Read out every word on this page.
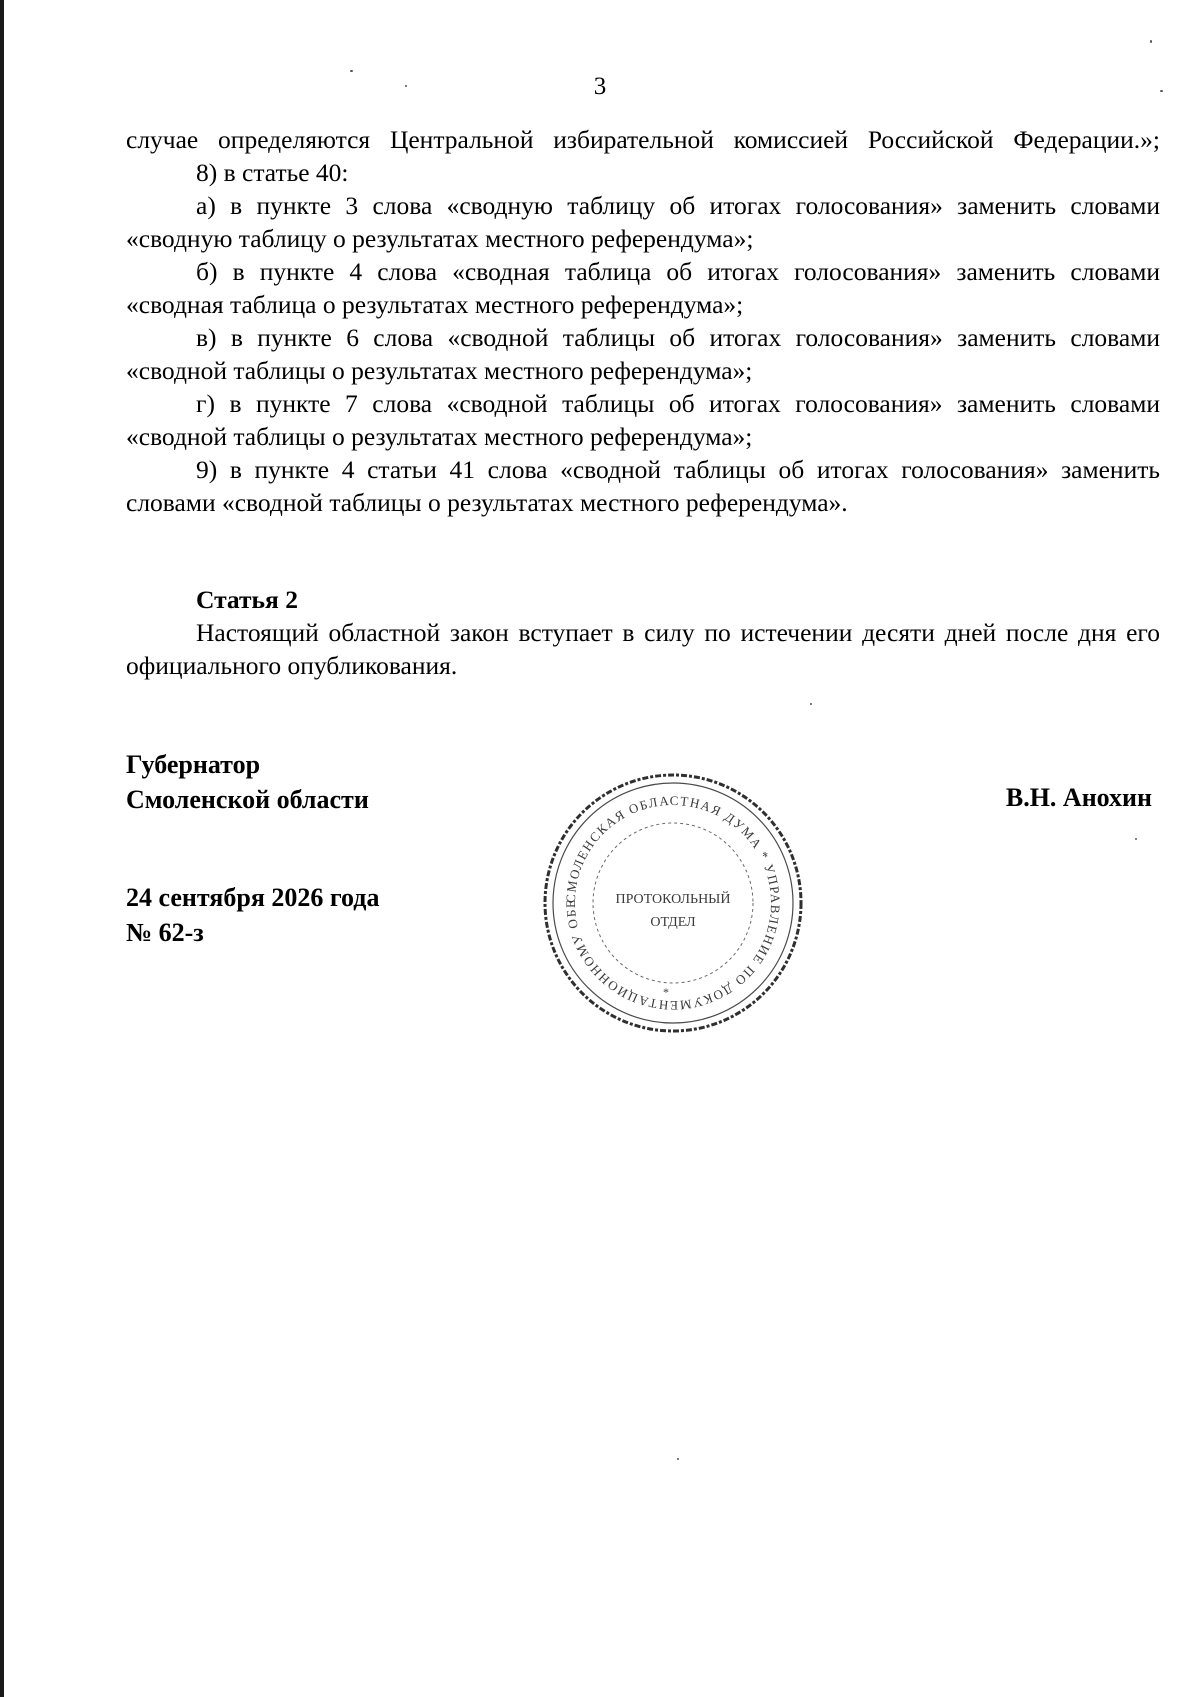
3

случае определяются Центральной избирательной комиссией Российской Федерации.»;

8) в статье 40:

а) в пункте 3 слова «сводную таблицу об итогах голосования» заменить словами «сводную таблицу о результатах местного референдума»;

б) в пункте 4 слова «сводная таблица об итогах голосования» заменить словами «сводная таблица о результатах местного референдума»;

в) в пункте 6 слова «сводной таблицы об итогах голосования» заменить словами «сводной таблицы о результатах местного референдума»;

г) в пункте 7 слова «сводной таблицы об итогах голосования» заменить словами «сводной таблицы о результатах местного референдума»;

9) в пункте 4 статьи 41 слова «сводной таблицы об итогах голосования» заменить словами «сводной таблицы о результатах местного референдума».

Статья 2

Настоящий областной закон вступает в силу по истечении десяти дней после дня его официального опубликования.

Губернатор
Смоленской области	В.Н. Анохин
24 сентября 2026 года
№ 62-з
СМОЛЕНСКАЯ ОБЛАСТНАЯ ДУМА * УПРАВЛЕНИЕ ПО ДОКУМЕНТАЦИОННОМУ ОБЕ	ПРОТОКОЛЬНЫЙ
ОТДЕЛ
*
